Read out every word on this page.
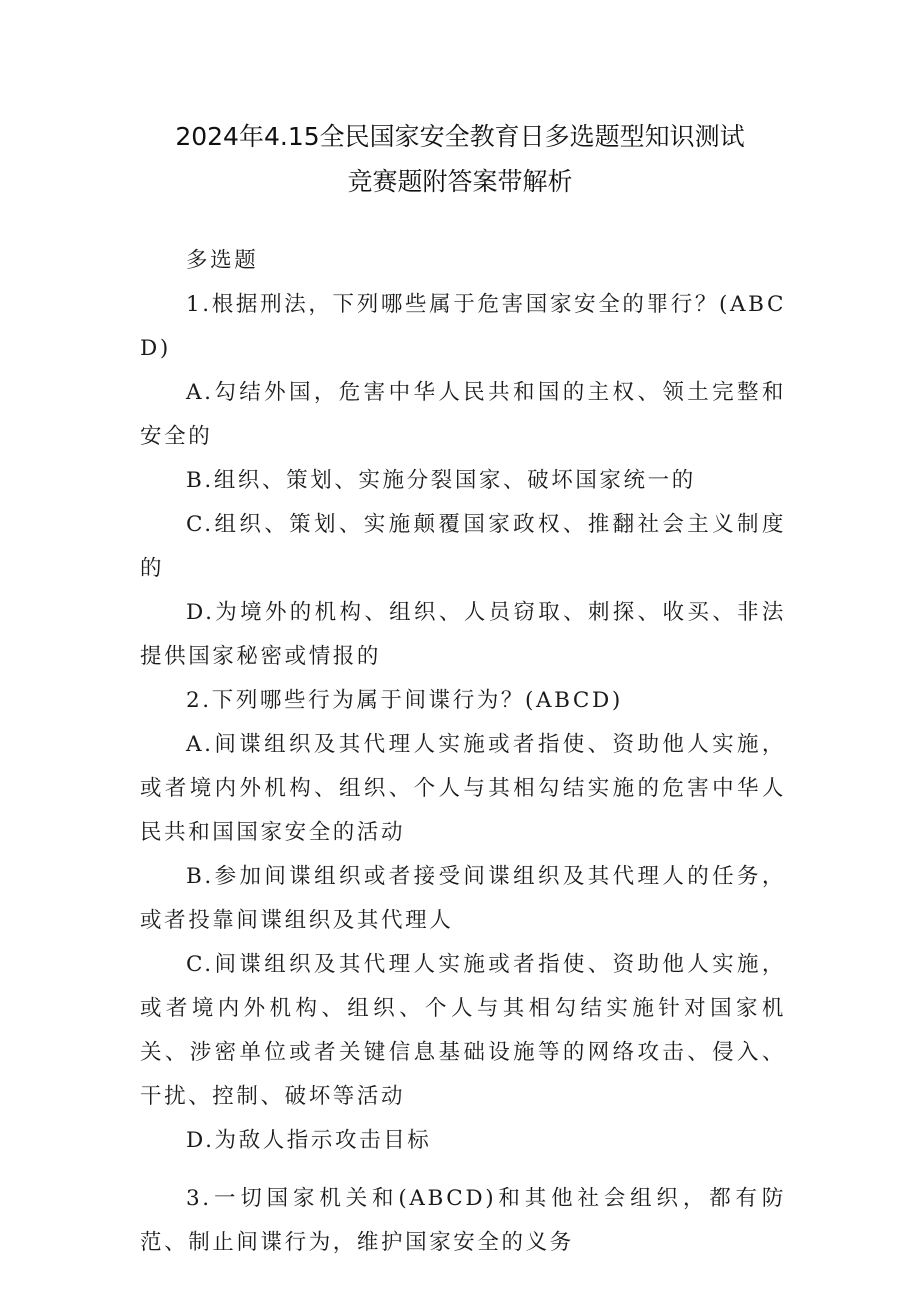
2024年4.15全民国家安全教育日多选题型知识测试
竞赛题附答案带解析

多选题

1.根据刑法，下列哪些属于危害国家安全的罪行？(ABCD)

A.勾结外国，危害中华人民共和国的主权、领土完整和安全的

B.组织、策划、实施分裂国家、破坏国家统一的

C.组织、策划、实施颠覆国家政权、推翻社会主义制度的

D.为境外的机构、组织、人员窃取、刺探、收买、非法提供国家秘密或情报的

2.下列哪些行为属于间谍行为？(ABCD)

A.间谍组织及其代理人实施或者指使、资助他人实施，或者境内外机构、组织、个人与其相勾结实施的危害中华人民共和国国家安全的活动

B.参加间谍组织或者接受间谍组织及其代理人的任务，或者投靠间谍组织及其代理人

C.间谍组织及其代理人实施或者指使、资助他人实施，或者境内外机构、组织、个人与其相勾结实施针对国家机关、涉密单位或者关键信息基础设施等的网络攻击、侵入、干扰、控制、破坏等活动

D.为敌人指示攻击目标

3.一切国家机关和(ABCD)和其他社会组织，都有防范、制止间谍行为，维护国家安全的义务
